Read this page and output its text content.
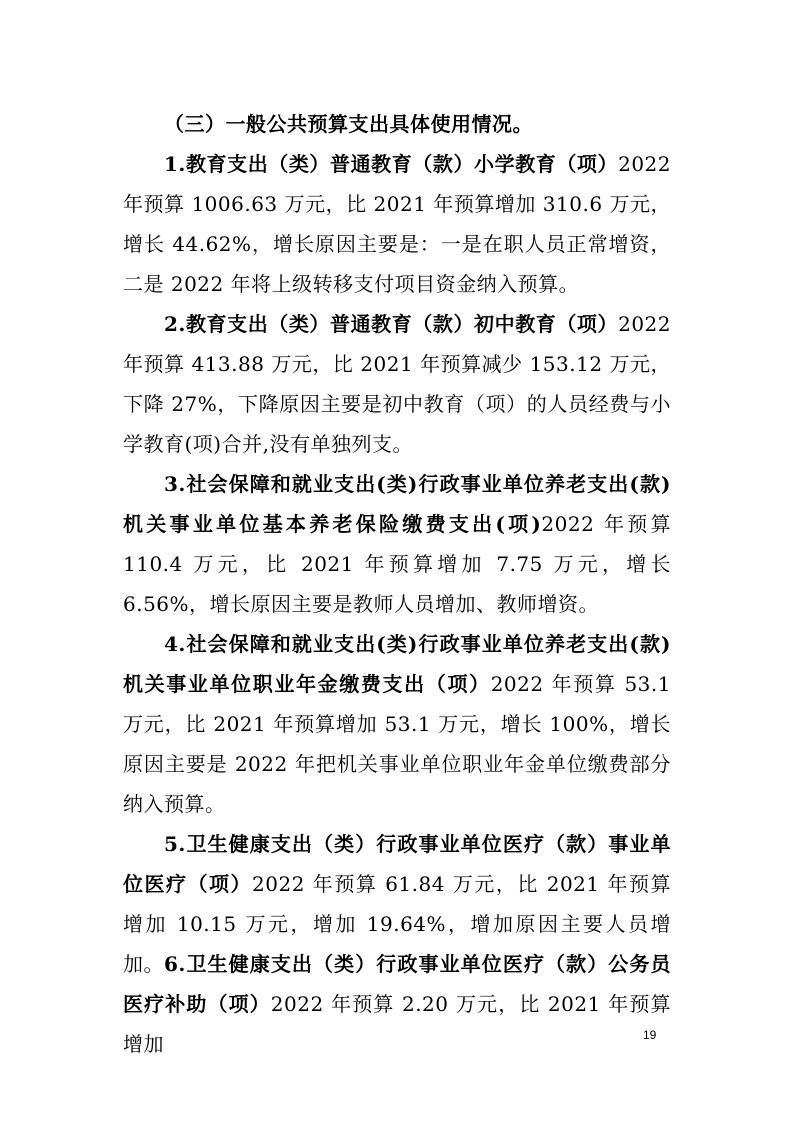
（三）一般公共预算支出具体使用情况。

1.教育支出（类）普通教育（款）小学教育（项）2022 年预算 1006.63 万元，比 2021 年预算增加 310.6 万元，增长 44.62%，增长原因主要是：一是在职人员正常增资，二是 2022 年将上级转移支付项目资金纳入预算。

2.教育支出（类）普通教育（款）初中教育（项）2022 年预算 413.88 万元，比 2021 年预算减少 153.12 万元，下降 27%，下降原因主要是初中教育（项）的人员经费与小学教育(项)合并,没有单独列支。

3.社会保障和就业支出(类)行政事业单位养老支出(款)机关事业单位基本养老保险缴费支出(项)2022 年预算 110.4 万元，比 2021 年预算增加 7.75 万元，增长 6.56%，增长原因主要是教师人员增加、教师增资。

4.社会保障和就业支出(类)行政事业单位养老支出(款)机关事业单位职业年金缴费支出（项）2022 年预算 53.1 万元，比 2021 年预算增加 53.1 万元，增长 100%，增长原因主要是 2022 年把机关事业单位职业年金单位缴费部分纳入预算。

5.卫生健康支出（类）行政事业单位医疗（款）事业单位医疗（项）2022 年预算 61.84 万元，比 2021 年预算增加 10.15 万元，增加 19.64%，增加原因主要人员增加。 6.卫生健康支出（类）行政事业单位医疗（款）公务员医疗补助（项）2022 年预算 2.20 万元，比 2021 年预算增加	19
